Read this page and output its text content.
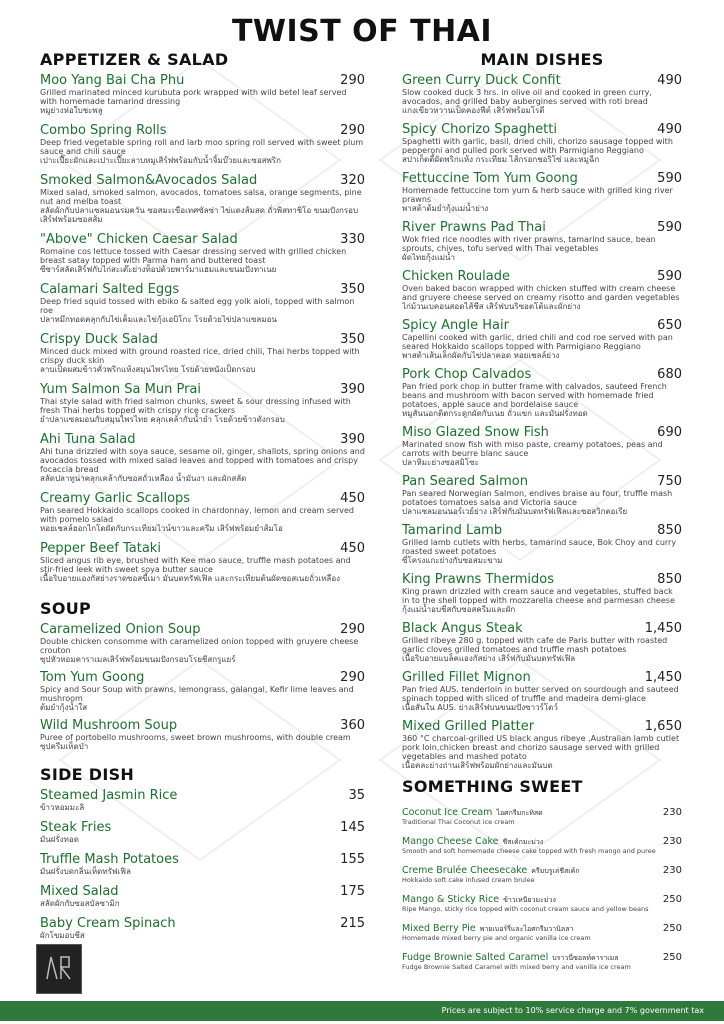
TWIST OF THAI
APPETIZER & SALAD
Moo Yang Bai Cha Phu	290
Grilled marinated minced kurubuta pork wrapped with wild betel leaf served with homemade tamarind dressing
หมูย่างห่อใบชะพลู
Combo Spring Rolls	290
Deep fried vegetable spring roll and larb moo spring roll served with sweet plum sauce and chili sauce
เปาะเปี๊ยะผักและเปาะเปี๊ยะลาบหมูเสิร์ฟพร้อมกับน้ำจิ้มบ๊วยและซอสพริก
Smoked Salmon&Avocados Salad	320
Mixed salad, smoked salmon, avocados, tomatoes salsa, orange segments, pine nut and melba toast
สลัดผักกับปลาแซลมอนรมควัน ซอสมะเขือเทศซัลซ่า ไข่แดงส้มสด ถั่วพิสทาชิโอ ขนมปังกรอบ เสิร์ฟพร้อมซอสส้ม
"Above" Chicken Caesar Salad	330
Romaine cos lettuce tossed with Caesar dressing served with grilled chicken breast satay topped with Parma ham and buttered toast
ซีซาร์สลัดเสิร์ฟกับไก่สะเต๊ะย่างท็อปด้วยพาร์มาแฮมและขนมปังทาเนย
Calamari Salted Eggs	350
Deep fried squid tossed with ebiko & salted egg yolk aioli, topped with salmon roe
ปลาหมึกทอดคลุกกับไข่เค็มและไข่กุ้งเอบิโกะ โรยด้วยไข่ปลาแซลมอน
Crispy Duck Salad	350
Minced duck mixed with ground roasted rice, dried chili, Thai herbs topped with crispy duck skin
ลาบเป็ดผสมข้าวคั่วพริกแห้งสมุนไพรไทย โรยด้วยหนังเป็ดกรอบ
Yum Salmon Sa Mun Prai	390
Thai style salad with fried salmon chunks, sweet & sour dressing infused with fresh Thai herbs topped with crispy rice crackers
ยำปลาแซลมอนกับสมุนไพรไทย คลุกเคล้ากับน้ำยำ โรยด้วยข้าวตังกรอบ
Ahi Tuna Salad	390
Ahi tuna drizzled with soya sauce, sesame oil, ginger, shallots, spring onions and avocados tossed with mixed salad leaves and topped with tomatoes and crispy focaccia bread
สลัดปลาทูน่าคลุกเคล้ากับซอสถั่วเหลือง น้ำมันงา และผักสลัด
Creamy Garlic Scallops	450
Pan seared Hokkaido scallops cooked in chardonnay, lemon and cream served with pomelo salad
หอยเชลล์ฮอกไกโดผัดกับกระเทียมไวน์ขาวและครีม เสิร์ฟพร้อมยำส้มโอ
Pepper Beef Tataki	450
Sliced angus rib eye, brushed with Kee mao sauce, truffle mash potatoes and stir-fried leek with sweet soya butter sauce
เนื้อริบอายแองกัสย่างราดซอสขี้เมา มันบดทรัฟเฟิล และกระเทียมต้นผัดซอสเนยถั่วเหลือง
SOUP
Caramelized Onion Soup	290
Double chicken consomme with caramelized onion topped with gruyere cheese crouton
ซุปหัวหอมคาราเมลเสิร์ฟพร้อมขนมปังกรอบโรยชีสกรูแยร์
Tom Yum Goong	290
Spicy and Sour Soup with prawns, lemongrass, galangal, Kefir lime leaves and mushroom
ต้มยำกุ้งน้ำใส
Wild Mushroom Soup	360
Puree of portobello mushrooms, sweet brown mushrooms, with double cream
ซุปครีมเห็ดป่า
SIDE DISH
Steamed Jasmin Rice	35
ข้าวหอมมะลิ
Steak Fries	145
มันฝรั่งทอด
Truffle Mash Potatoes	155
มันฝรั่งบดกลิ่นเห็ดทรัฟเฟิล
Mixed Salad	175
สลัดผักกับซอสบัลซามิก
Baby Cream Spinach	215
ผักโขมอบชีส
MAIN DISHES
Green Curry Duck Confit	490
Slow cooked duck 3 hrs. in olive oil and cooked in green curry, avocados, and grilled baby aubergines served with roti bread
แกงเขียวหวานเป็ดคองฟีต์ เสิร์ฟพร้อมโรตี
Spicy Chorizo Spaghetti	490
Spaghetti with garlic, basil, dried chili, chorizo sausage topped with pepperoni and pulled pork served with Parmigiano Reggiano
สปาเก็ตตี้ผัดพริกแห้ง กระเทียม ไส้กรอกชอริโซ่ และหมูฉีก
Fettuccine Tom Yum Goong	590
Homemade fettuccine tom yum & herb sauce with grilled king river prawns
พาสต้าต้มยำกุ้งแม่น้ำย่าง
River Prawns Pad Thai	590
Wok fried rice noodles with river prawns, tamarind sauce, bean sprouts, chives, tofu served with Thai vegetables
ผัดไทยกุ้งแม่น้ำ
Chicken Roulade	590
Oven baked bacon wrapped with chicken stuffed with cream cheese and gruyere cheese served on creamy risotto and garden vegetables
ไก่ม้วนเบคอนสอดไส้ชีส เสิร์ฟบนริซอตโต้และผักย่าง
Spicy Angle Hair	650
Capellini cooked with garlic, dried chili and cod roe served with pan seared Hokkaido scallops topped with Parmigiano Reggiano
พาสต้าเส้นเล็กผัดกับไข่ปลาคอด หอยเชลล์ย่าง
Pork Chop Calvados	680
Pan fried pork chop in butter frame with calvados, sauteed French beans and mushroom with bacon served with homemade fried potatoes, apple sauce and bordelaise sauce
หมูสันนอกติดกระดูกผัดกับเนย ถั่วแขก และมันฝรั่งทอด
Miso Glazed Snow Fish	690
Marinated snow fish with miso paste, creamy potatoes, peas and carrots with beurre blanc sauce
ปลาหิมะย่างซอสมิโซะ
Pan Seared Salmon	750
Pan seared Norwegian Salmon, endives braise au four, truffle mash potatoes tomatoes salsa and Victoria sauce
ปลาแซลมอนนอร์เวย์ย่าง เสิร์ฟกับมันบดทรัฟเฟิลและซอสวิกตอเรีย
Tamarind Lamb	850
Grilled lamb cutlets with herbs, tamarind sauce, Bok Choy and curry roasted sweet potatoes
ซี่โครงแกะย่างกับซอสมะขาม
King Prawns Thermidos	850
King prawn drizzled with cream sauce and vegetables, stuffed back in to the shell topped with mozzarella cheese and parmesan cheese
กุ้งแม่น้ำอบชีสกับซอสครีมและผัก
Black Angus Steak	1,450
Grilled ribeye 280 g. topped with cafe de Paris butter with roasted garlic cloves grilled tomatoes and truffle mash potatoes
เนื้อริบอายแบล็คแองกัสย่าง เสิร์ฟกับมันบดทรัฟเฟิล
Grilled Fillet Mignon	1,450
Pan fried AUS. tenderloin in butter served on sourdough and sauteed spinach topped with sliced of truffle and madeira demi-glace
เนื้อสันใน AUS. ย่างเสิร์ฟบนขนมปังซาวร์โดว์
Mixed Grilled Platter	1,650
360 °C charcoal-grilled US black angus ribeye ,Australian lamb cutlet pork loin,chicken breast and chorizo sausage served with grilled vegetables and mashed potato
เนื้อคละย่างถ่านเสิร์ฟพร้อมผักย่างและมันบด
SOMETHING SWEET
Coconut Ice Cream ไอศกรีมกะทิสด	230
Traditional Thai Coconut ice cream
Mango Cheese Cake ชีสเค้กมะม่วง	230
Smooth and soft homemade cheese cake topped with fresh mango and puree
Creme Brulée Cheesecake ครีมบรูเล่ชีสเค้ก	230
Hokkaido soft cake infused cream brulee
Mango & Sticky Rice ข้าวเหนียวมะม่วง	250
Ripe Mango, sticky rice topped with coconut cream sauce and yellow beans
Mixed Berry Pie พายเบอร์รี่และไอศกรีมวานิลลา	250
Homemade mixed berry pie and organic vanilla ice cream
Fudge Brownie Salted Caramel บราวนี่ซอลท์คาราเมล	250
Fudge Brownie Salted Caramel with mixed berry and vanilla ice cream
Prices are subject to 10% service charge and 7% government tax
